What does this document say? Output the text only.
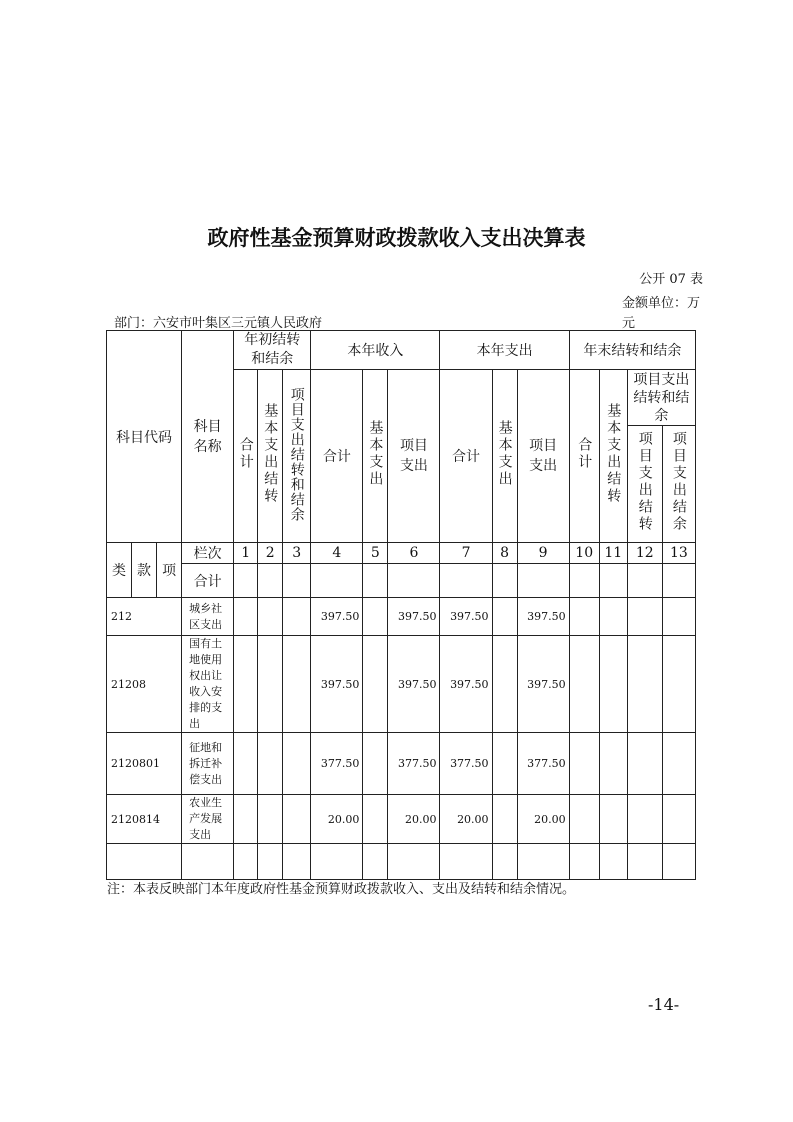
政府性基金预算财政拨款收入支出决算表
公开 07 表
金额单位：万元
部门：六安市叶集区三元镇人民政府
科目代码			科目名称	年初结转和结余			本年收入			本年支出			年末结转和结余			
				合计	基本支出结转	项目支出结转和结余	合计	基本支出	项目支出	合计	基本支出	项目支出	合计	基本支出结转	项目支出结转和结余	
															项目支出结转	项目支出结余
类	款	项	栏次	1	2	3	4	5	6	7	8	9	10	11	12	13
			合计													
212			城乡社区支出				397.50		397.50	397.50		397.50				
21208			国有土地使用权出让收入安排的支出				397.50		397.50	397.50		397.50				
2120801			征地和拆迁补偿支出				377.50		377.50	377.50		377.50				
2120814			农业生产发展支出				20.00		20.00	20.00		20.00				

注：本表反映部门本年度政府性基金预算财政拨款收入、支出及结转和结余情况。
-14-
